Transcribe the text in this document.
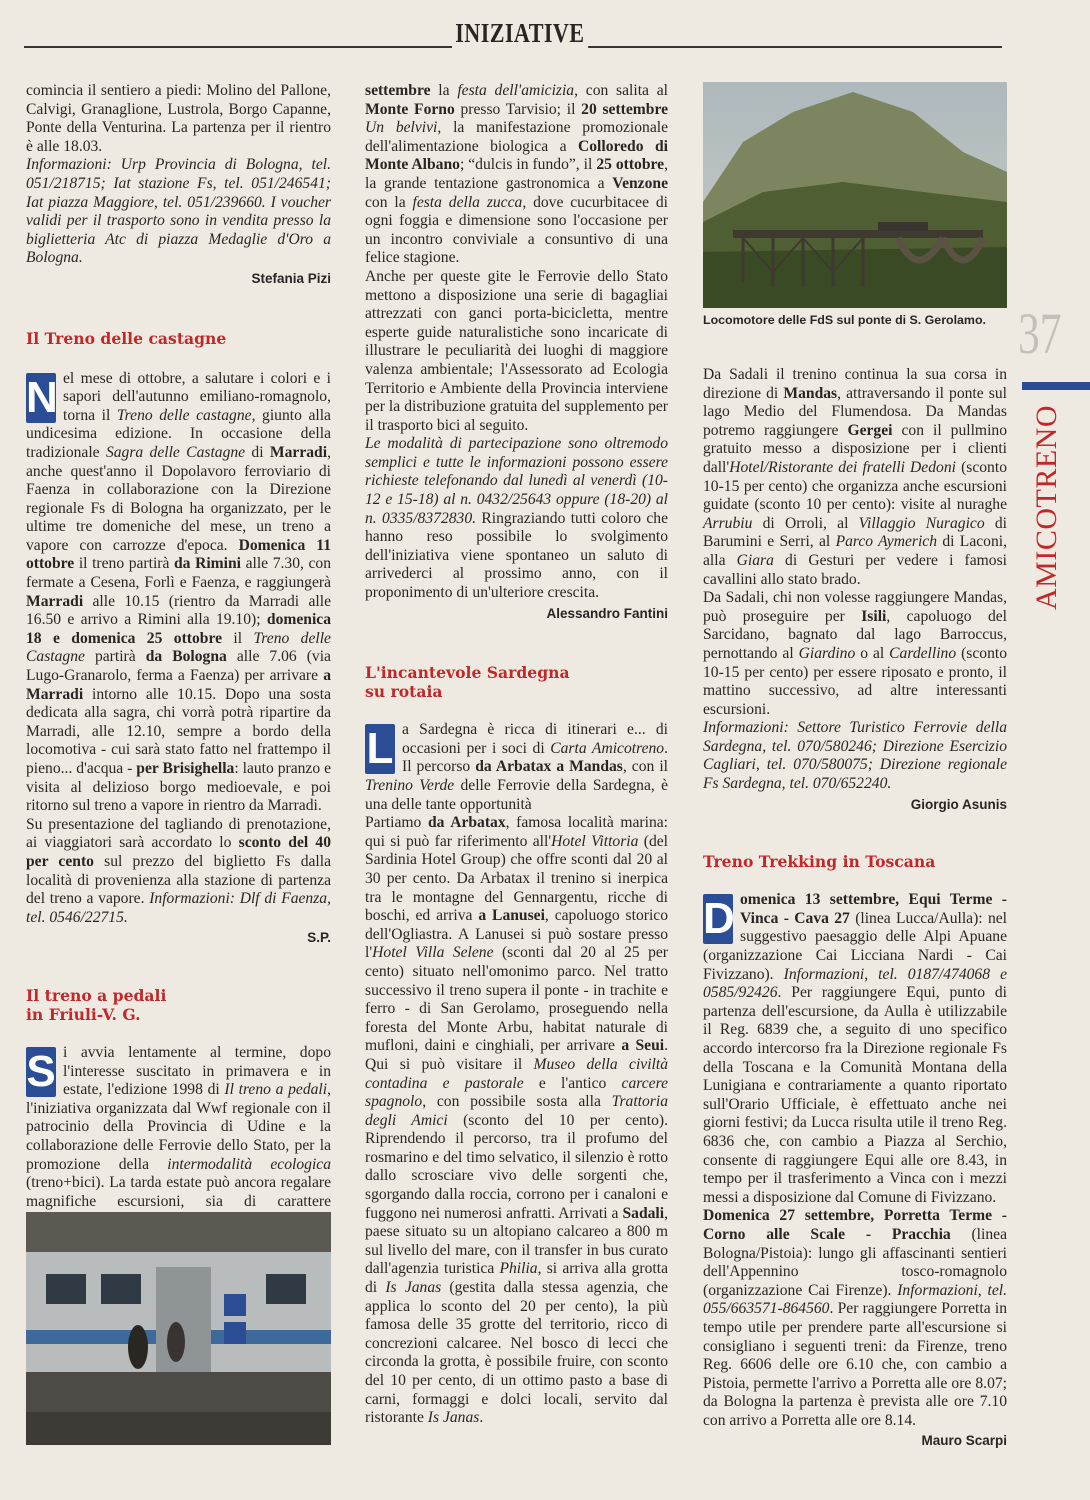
INIZIATIVE

comincia il sentiero a piedi: Molino del Pallone, Calvigi, Granaglione, Lustrola, Borgo Capanne, Ponte della Venturina. La partenza per il rientro è alle 18.03.

Informazioni: Urp Provincia di Bologna, tel. 051/218715; Iat stazione Fs, tel. 051/246541; Iat piazza Maggiore, tel. 051/239660. I voucher validi per il trasporto sono in vendita presso la biglietteria Atc di piazza Medaglie d'Oro a Bologna.

Stefania Pizi
Il Treno delle castagne

N el mese di ottobre, a salutare i colori e i sapori dell'autunno emiliano-romagnolo, torna il Treno delle castagne, giunto alla undicesima edizione. In occasione della tradizionale Sagra delle Castagne di Marradi, anche quest'anno il Dopolavoro ferroviario di Faenza in collaborazione con la Direzione regionale Fs di Bologna ha organizzato, per le ultime tre domeniche del mese, un treno a vapore con carrozze d'epoca. Domenica 11 ottobre il treno partirà da Rimini alle 7.30, con fermate a Cesena, Forlì e Faenza, e raggiungerà Marradi alle 10.15 (rientro da Marradi alle 16.50 e arrivo a Rimini alla 19.10); domenica 18 e domenica 25 ottobre il Treno delle Castagne partirà da Bologna alle 7.06 (via Lugo-Granarolo, ferma a Faenza) per arrivare a Marradi intorno alle 10.15. Dopo una sosta dedicata alla sagra, chi vorrà potrà ripartire da Marradi, alle 12.10, sempre a bordo della locomotiva - cui sarà stato fatto nel frattempo il pieno... d'acqua - per Brisighella: lauto pranzo e visita al delizioso borgo medioevale, e poi ritorno sul treno a vapore in rientro da Marradi.

Su presentazione del tagliando di prenotazione, ai viaggiatori sarà accordato lo sconto del 40 per cento sul prezzo del biglietto Fs dalla località di provenienza alla stazione di partenza del treno a vapore. Informazioni: Dlf di Faenza, tel. 0546/22715.

S.P.
Il treno a pedali
in Friuli-V. G.

S i avvia lentamente al termine, dopo l'interesse suscitato in primavera e in estate, l'edizione 1998 di Il treno a pedali, l'iniziativa organizzata dal Wwf regionale con il patrocinio della Provincia di Udine e la collaborazione delle Ferrovie dello Stato, per la promozione della intermodalità ecologica (treno+bici). La tarda estate può ancora regalare magnifiche escursioni, sia di carattere

settembre la festa dell'amicizia, con salita al Monte Forno presso Tarvisio; il 20 settembre Un belvivi, la manifestazione promozionale dell'alimentazione biologica a Colloredo di Monte Albano; “dulcis in fundo”, il 25 ottobre, la grande tentazione gastronomica a Venzone con la festa della zucca, dove cucurbitacee di ogni foggia e dimensione sono l'occasione per un incontro conviviale a consuntivo di una felice stagione.

Anche per queste gite le Ferrovie dello Stato mettono a disposizione una serie di bagagliai attrezzati con ganci porta-bicicletta, mentre esperte guide naturalistiche sono incaricate di illustrare le peculiarità dei luoghi di maggiore valenza ambientale; l'Assessorato ad Ecologia Territorio e Ambiente della Provincia interviene per la distribuzione gratuita del supplemento per il trasporto bici al seguito.

Le modalità di partecipazione sono oltremodo semplici e tutte le informazioni possono essere richieste telefonando dal lunedì al venerdì (10-12 e 15-18) al n. 0432/25643 oppure (18-20) al n. 0335/8372830. Ringraziando tutti coloro che hanno reso possibile lo svolgimento dell'iniziativa viene spontaneo un saluto di arrivederci al prossimo anno, con il proponimento di un'ulteriore crescita.

Alessandro Fantini
L'incantevole Sardegna
su rotaia

L a Sardegna è ricca di itinerari e... di occasioni per i soci di Carta Amicotreno. Il percorso da Arbatax a Mandas, con il Trenino Verde delle Ferrovie della Sardegna, è una delle tante opportunità

Partiamo da Arbatax, famosa località marina: qui si può far riferimento all'Hotel Vittoria (del Sardinia Hotel Group) che offre sconti dal 20 al 30 per cento. Da Arbatax il trenino si inerpica tra le montagne del Gennargentu, ricche di boschi, ed arriva a Lanusei, capoluogo storico dell'Ogliastra. A Lanusei si può sostare presso l'Hotel Villa Selene (sconti dal 20 al 25 per cento) situato nell'omonimo parco. Nel tratto successivo il treno supera il ponte - in trachite e ferro - di San Gerolamo, proseguendo nella foresta del Monte Arbu, habitat naturale di mufloni, daini e cinghiali, per arrivare a Seui. Qui si può visitare il Museo della civiltà contadina e pastorale e l'antico carcere spagnolo, con possibile sosta alla Trattoria degli Amici (sconto del 10 per cento). Riprendendo il percorso, tra il profumo del rosmarino e del timo selvatico, il silenzio è rotto dallo scrosciare vivo delle sorgenti che, sgorgando dalla roccia, corrono per i canaloni e fuggono nei numerosi anfratti. Arrivati a Sadali, paese situato su un altopiano calcareo a 800 m sul livello del mare, con il transfer in bus curato dall'agenzia turistica Philia, si arriva alla grotta di Is Janas (gestita dalla stessa agenzia, che applica lo sconto del 20 per cento), la più famosa delle 35 grotte del territorio, ricco di concrezioni calcaree. Nel bosco di lecci che circonda la grotta, è possibile fruire, con sconto del 10 per cento, di un ottimo pasto a base di carni, formaggi e dolci locali, servito dal ristorante Is Janas.

Locomotore delle FdS sul ponte di S. Gerolamo.

Da Sadali il trenino continua la sua corsa in direzione di Mandas, attraversando il ponte sul lago Medio del Flumendosa. Da Mandas potremo raggiungere Gergei con il pullmino gratuito messo a disposizione per i clienti dall'Hotel/Ristorante dei fratelli Dedoni (sconto 10-15 per cento) che organizza anche escursioni guidate (sconto 10 per cento): visite al nuraghe Arrubiu di Orroli, al Villaggio Nuragico di Barumini e Serri, al Parco Aymerich di Laconi, alla Giara di Gesturi per vedere i famosi cavallini allo stato brado.

Da Sadali, chi non volesse raggiungere Mandas, può proseguire per Isili, capoluogo del Sarcidano, bagnato dal lago Barroccus, pernottando al Giardino o al Cardellino (sconto 10-15 per cento) per essere riposato e pronto, il mattino successivo, ad altre interessanti escursioni.

Informazioni: Settore Turistico Ferrovie della Sardegna, tel. 070/580246; Direzione Esercizio Cagliari, tel. 070/580075; Direzione regionale Fs Sardegna, tel. 070/652240.

Giorgio Asunis
Treno Trekking in Toscana

D omenica 13 settembre, Equi Terme - Vinca - Cava 27 (linea Lucca/Aulla): nel suggestivo paesaggio delle Alpi Apuane (organizzazione Cai Licciana Nardi - Cai Fivizzano). Informazioni, tel. 0187/474068 e 0585/92426. Per raggiungere Equi, punto di partenza dell'escursione, da Aulla è utilizzabile il Reg. 6839 che, a seguito di uno specifico accordo intercorso fra la Direzione regionale Fs della Toscana e la Comunità Montana della Lunigiana e contrariamente a quanto riportato sull'Orario Ufficiale, è effettuato anche nei giorni festivi; da Lucca risulta utile il treno Reg. 6836 che, con cambio a Piazza al Serchio, consente di raggiungere Equi alle ore 8.43, in tempo per il trasferimento a Vinca con i mezzi messi a disposizione dal Comune di Fivizzano.

Domenica 27 settembre, Porretta Terme - Corno alle Scale - Pracchia (linea Bologna/Pistoia): lungo gli affascinanti sentieri dell'Appennino tosco-romagnolo (organizzazione Cai Firenze). Informazioni, tel. 055/663571-864560. Per raggiungere Porretta in tempo utile per prendere parte all'escursione si consigliano i seguenti treni: da Firenze, treno Reg. 6606 delle ore 6.10 che, con cambio a Pistoia, permette l'arrivo a Porretta alle ore 8.07; da Bologna la partenza è prevista alle ore 7.10 con arrivo a Porretta alle ore 8.14.

Mauro Scarpi
37
AMICOTRENO
